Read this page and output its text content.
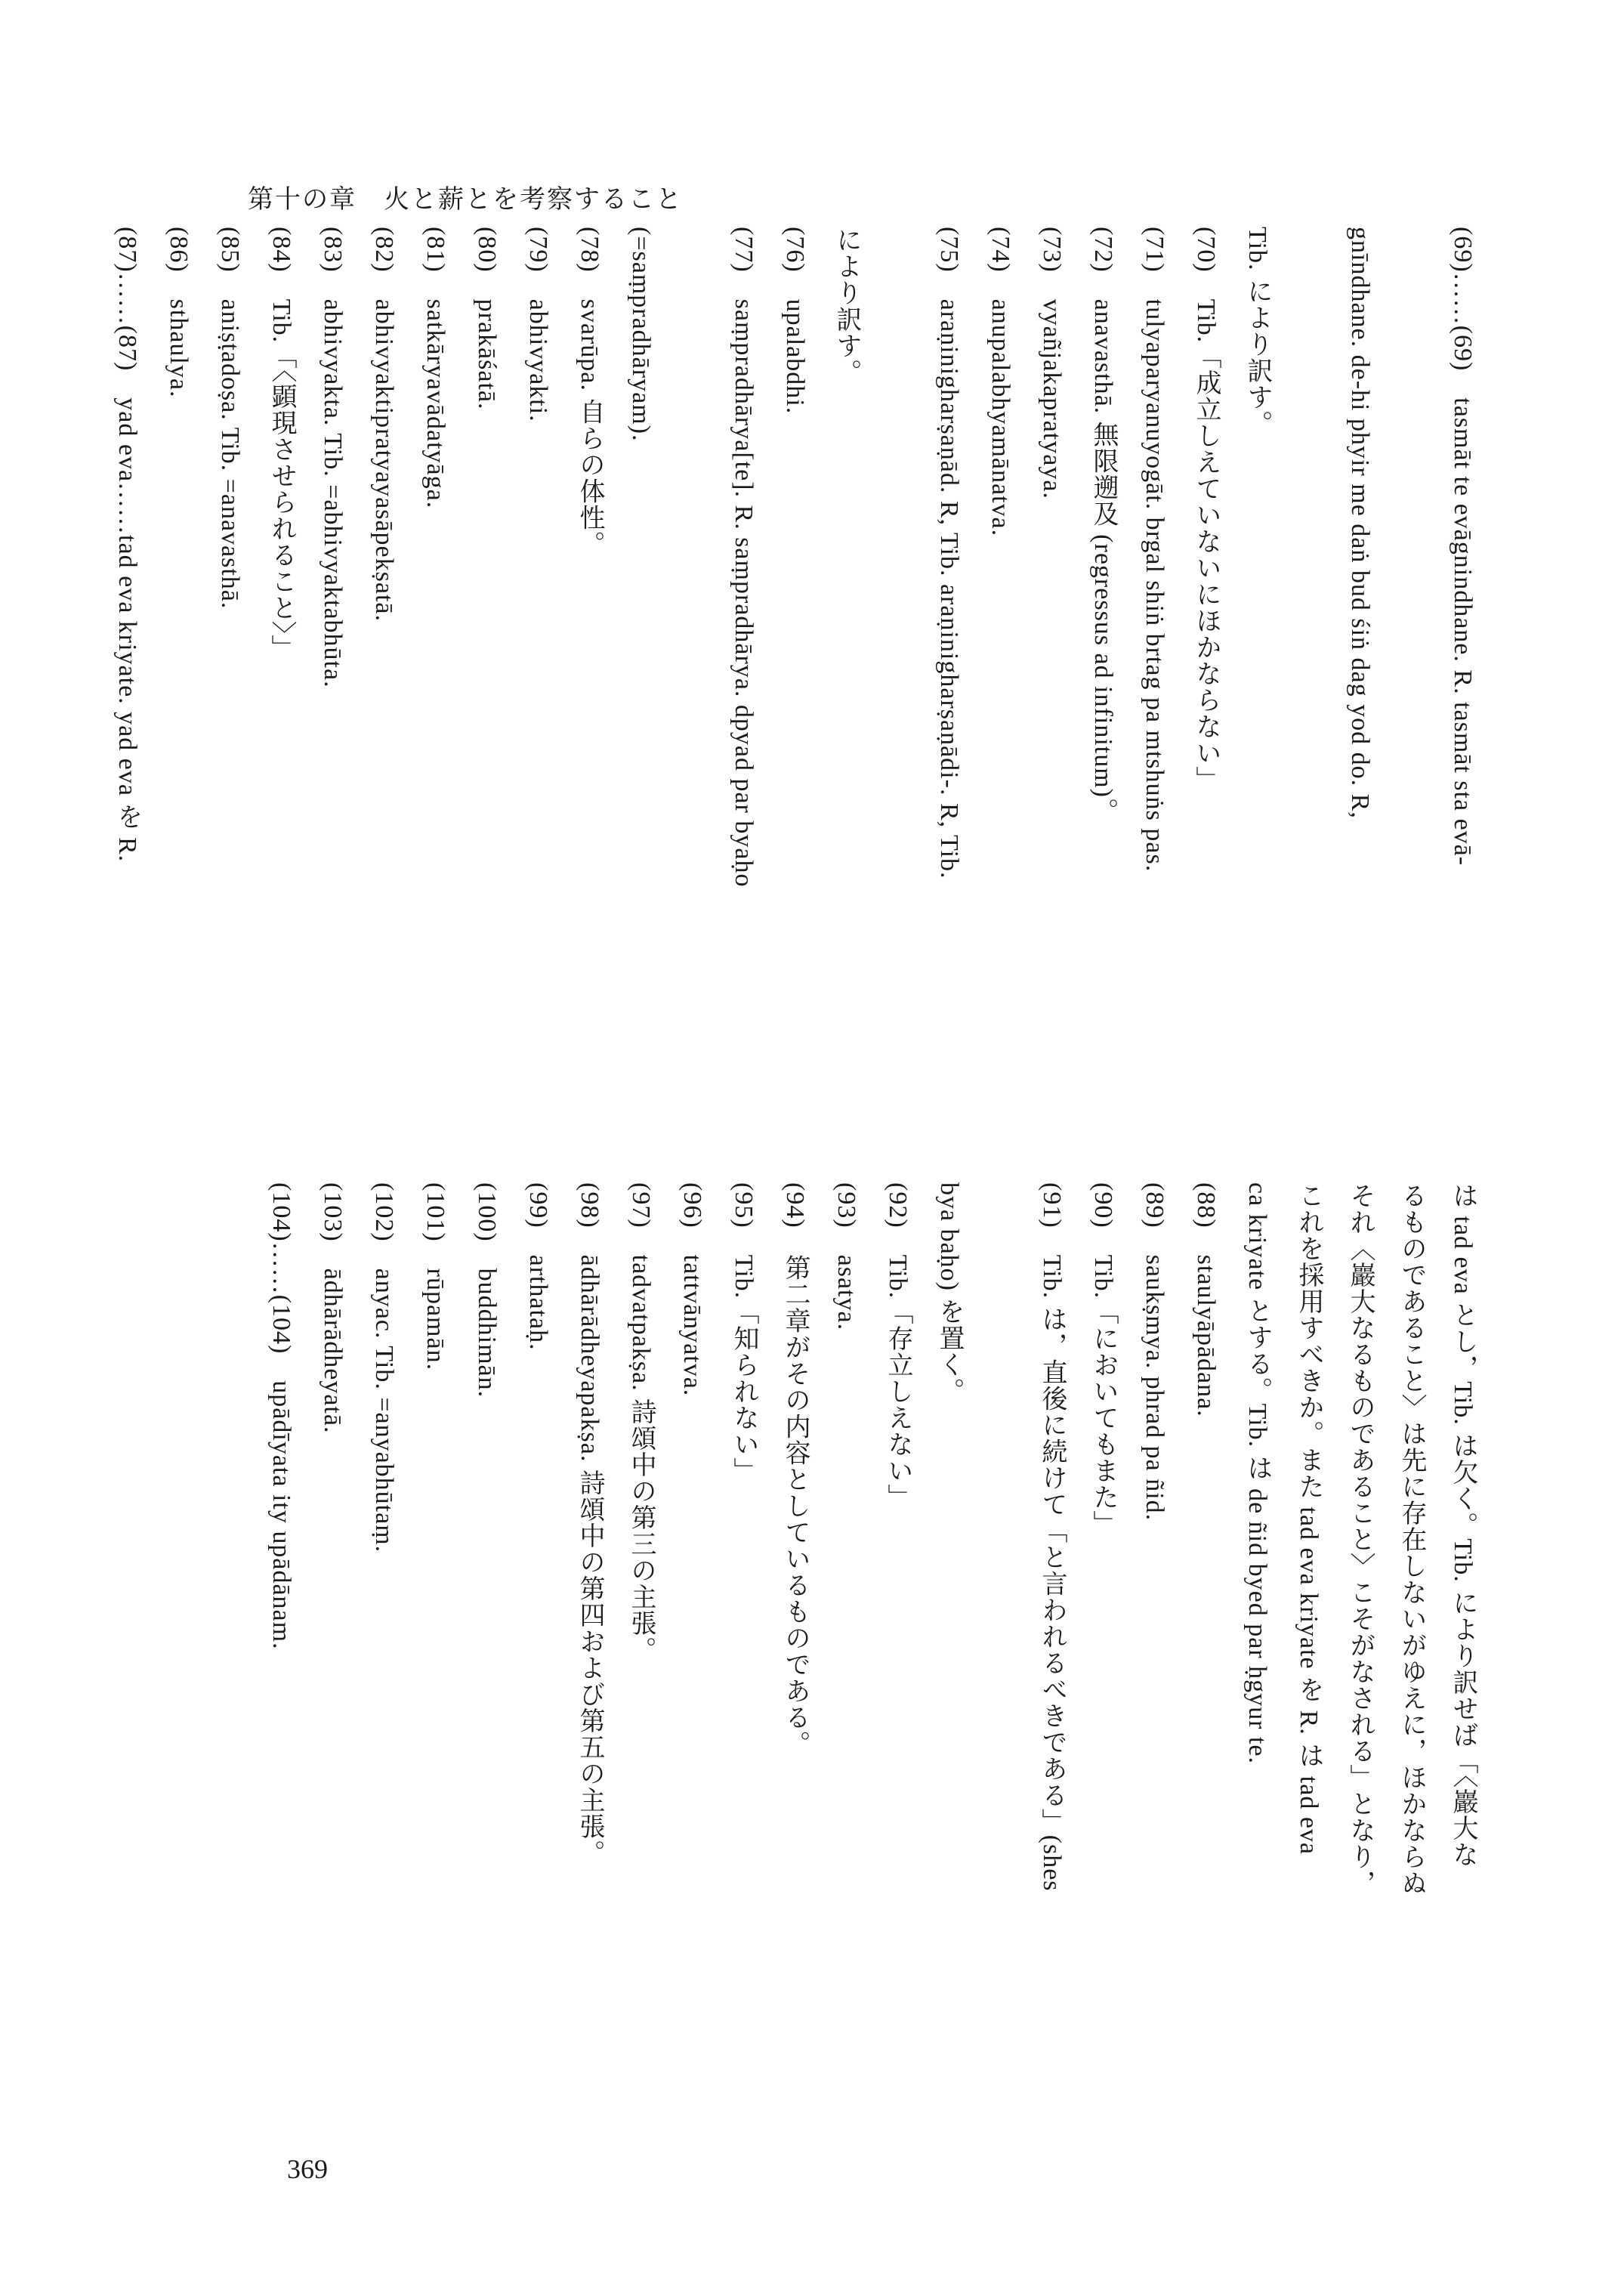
第十の章　火と薪とを考察すること
(69)……(69)　tasmāt te evāgnindhane. R. tasmāt sta evā-
gnīndhane. de-hi phyir me daṅ bud śiṅ dag yod do. R,
Tib. により訳す。
(70)　Tib.「成立しえていないにほかならない」
(71)　tulyaparyanuyogāt. brgal shiṅ brtag pa mtshuṅs pas.
(72)　anavasthā. 無限遡及 (regressus ad infinitum)。
(73)　vyañjakapratyaya.
(74)　anupalabhyamānatva.
(75)　araṇinigharṣaṇād. R, Tib. araṇinigharṣaṇādi-. R, Tib.
により訳す。
(76)　upalabdhi.
(77)　saṃpradhārya[te]. R. saṃpradhārya. dpyad par byaḥo
(=saṃpradhāryam).
(78)　svarūpa. 自らの体性。
(79)　abhivyakti.
(80)　prakāśatā.
(81)　satkāryavādatyāga.
(82)　abhivyaktipratyayasāpekṣatā.
(83)　abhivyakta. Tib. =abhivyaktabhūta.
(84)　Tib.「〈顕現させられること〉」
(85)　aniṣṭadoṣa. Tib. =anavasthā.
(86)　sthaulya.
(87)……(87)　yad eva……tad eva kriyate. yad eva を R.
は tad eva とし，Tib. は欠く。Tib. により訳せば「〈巖大な
るものであること〉は先に存在しないがゆえに，ほかならぬ
それ〈巖大なるものであること〉こそがなされる」となり，
これを採用すべきか。また tad eva kriyate を R. は tad eva
ca kriyate とする。Tib. は de ñid byed par ḥgyur te.
(88)　staulyāpādana.
(89)　saukṣmya. phrad pa ñid.
(90)　Tib.「においてもまた」
(91)　Tib. は，直後に続けて「と言われるべきである」(shes
bya baḥo) を置く。
(92)　Tib.「存立しえない」
(93)　asatya.
(94)　第二章がその内容としているものである。
(95)　Tib.「知られない」
(96)　tattvānyatva.
(97)　tadvatpakṣa. 詩頌中の第三の主張。
(98)　ādhārādheyapakṣa. 詩頌中の第四および第五の主張。
(99)　arthataḥ.
(100)　buddhimān.
(101)　rūpamān.
(102)　anyac. Tib. =anyabhūtaṃ.
(103)　ādhārādheyatā.
(104)……(104)　upādīyata ity upādānam.
369
